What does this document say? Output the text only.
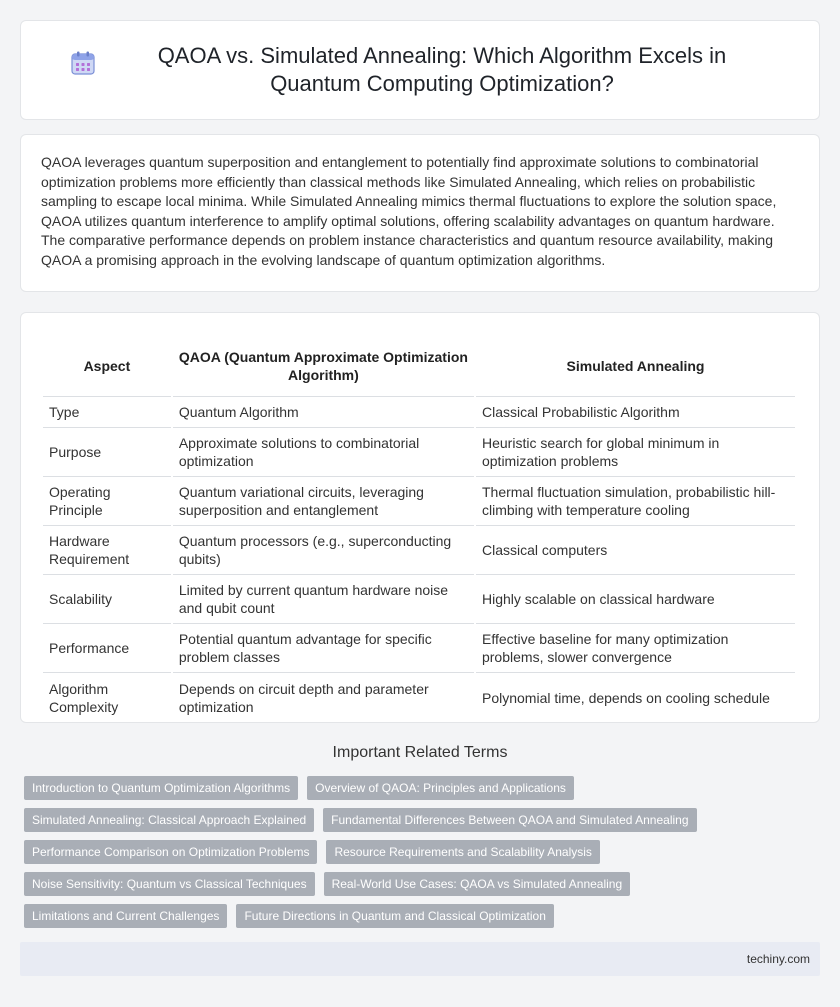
QAOA vs. Simulated Annealing: Which Algorithm Excels in Quantum Computing Optimization?

QAOA leverages quantum superposition and entanglement to potentially find approximate solutions to combinatorial optimization problems more efficiently than classical methods like Simulated Annealing, which relies on probabilistic sampling to escape local minima. While Simulated Annealing mimics thermal fluctuations to explore the solution space, QAOA utilizes quantum interference to amplify optimal solutions, offering scalability advantages on quantum hardware. The comparative performance depends on problem instance characteristics and quantum resource availability, making QAOA a promising approach in the evolving landscape of quantum optimization algorithms.

Aspect	QAOA (Quantum Approximate Optimization Algorithm)	Simulated Annealing
Type	Quantum Algorithm	Classical Probabilistic Algorithm
Purpose	Approximate solutions to combinatorial optimization	Heuristic search for global minimum in optimization problems
Operating Principle	Quantum variational circuits, leveraging superposition and entanglement	Thermal fluctuation simulation, probabilistic hill-climbing with temperature cooling
Hardware Requirement	Quantum processors (e.g., superconducting qubits)	Classical computers
Scalability	Limited by current quantum hardware noise and qubit count	Highly scalable on classical hardware
Performance	Potential quantum advantage for specific problem classes	Effective baseline for many optimization problems, slower convergence
Algorithm Complexity	Depends on circuit depth and parameter optimization	Polynomial time, depends on cooling schedule
Important Related Terms
Introduction to Quantum Optimization Algorithms	Overview of QAOA: Principles and Applications
Simulated Annealing: Classical Approach Explained	Fundamental Differences Between QAOA and Simulated Annealing
Performance Comparison on Optimization Problems	Resource Requirements and Scalability Analysis
Noise Sensitivity: Quantum vs Classical Techniques	Real-World Use Cases: QAOA vs Simulated Annealing
Limitations and Current Challenges	Future Directions in Quantum and Classical Optimization
techiny.com
